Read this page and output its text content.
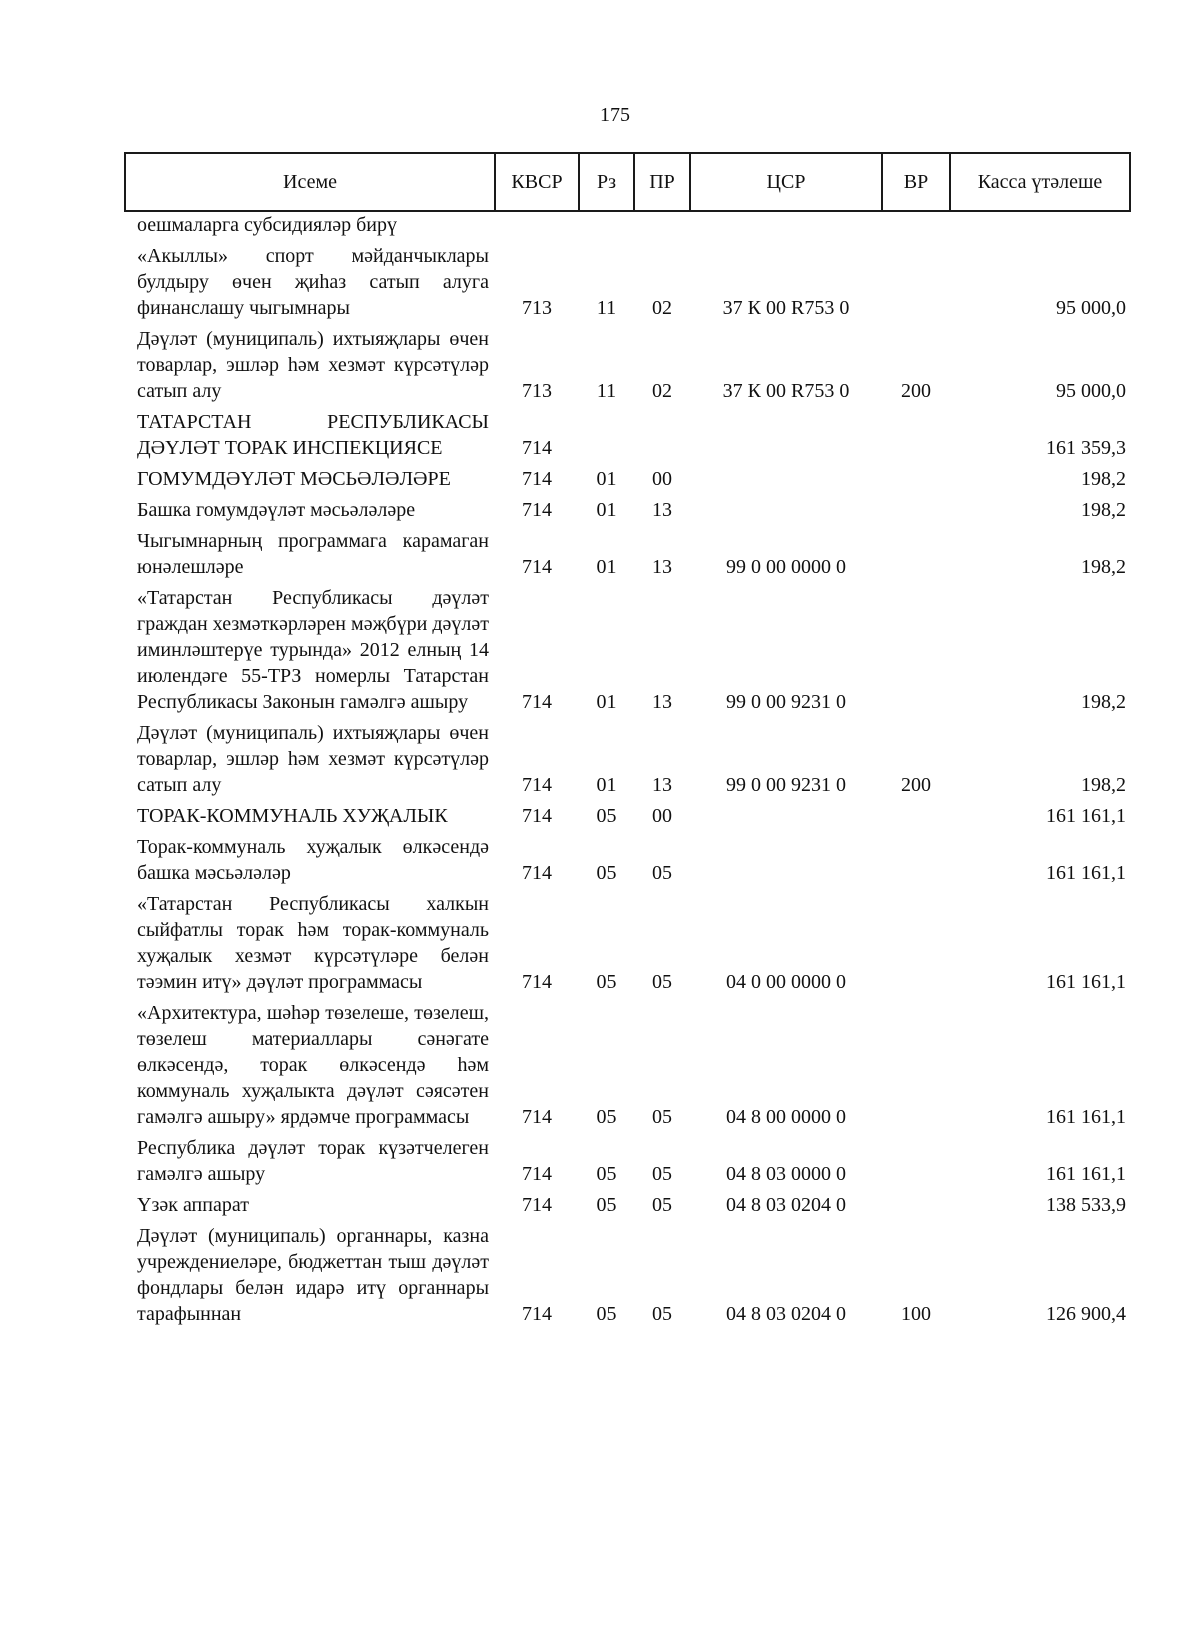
175
Исеме	КВСР	Рз	ПР	ЦСР	ВР	Касса үтәлеше
оешмаларга субсидияләр бирү						
«Акыллы» спорт мәйданчыклары булдыру өчен җиһаз сатып алуга финанслашу чыгымнары	713	11	02	37 К 00 R753 0		95 000,0
Дәүләт (муниципаль) ихтыяҗлары өчен товарлар, эшләр һәм хезмәт күрсәтүләр сатып алу	713	11	02	37 К 00 R753 0	200	95 000,0
ТАТАРСТАН РЕСПУБЛИКАСЫ ДӘҮЛӘТ ТОРАК ИНСПЕКЦИЯСЕ	714					161 359,3
ГОМУМДӘҮЛӘТ МӘСЬӘЛӘЛӘРЕ	714	01	00			198,2
Башка гомумдәүләт мәсьәләләре	714	01	13			198,2
Чыгымнарның программага карамаган юнәлешләре	714	01	13	99 0 00 0000 0		198,2
«Татарстан Республикасы дәүләт граждан хезмәткәрләрен мәҗбүри дәүләт иминләштерүе турында» 2012 елның 14 июлендәге 55-ТРЗ номерлы Татарстан Республикасы Законын гамәлгә ашыру	714	01	13	99 0 00 9231 0		198,2
Дәүләт (муниципаль) ихтыяҗлары өчен товарлар, эшләр һәм хезмәт күрсәтүләр сатып алу	714	01	13	99 0 00 9231 0	200	198,2
ТОРАК-КОММУНАЛЬ ХУҖАЛЫК	714	05	00			161 161,1
Торак-коммуналь хуҗалык өлкәсендә башка мәсьәләләр	714	05	05			161 161,1
«Татарстан Республикасы халкын сыйфатлы торак һәм торак-коммуналь хуҗалык хезмәт күрсәтүләре белән тәэмин итү» дәүләт программасы	714	05	05	04 0 00 0000 0		161 161,1
«Архитектура, шәһәр төзелеше, төзелеш, төзелеш материаллары сәнәгате өлкәсендә, торак өлкәсендә һәм коммуналь хуҗалыкта дәүләт сәясәтен гамәлгә ашыру» ярдәмче программасы	714	05	05	04 8 00 0000 0		161 161,1
Республика дәүләт торак күзәтчелеген гамәлгә ашыру	714	05	05	04 8 03 0000 0		161 161,1
Үзәк аппарат	714	05	05	04 8 03 0204 0		138 533,9
Дәүләт (муниципаль) органнары, казна учреждениеләре, бюджеттан тыш дәүләт фондлары белән идарә итү органнары тарафыннан	714	05	05	04 8 03 0204 0	100	126 900,4
